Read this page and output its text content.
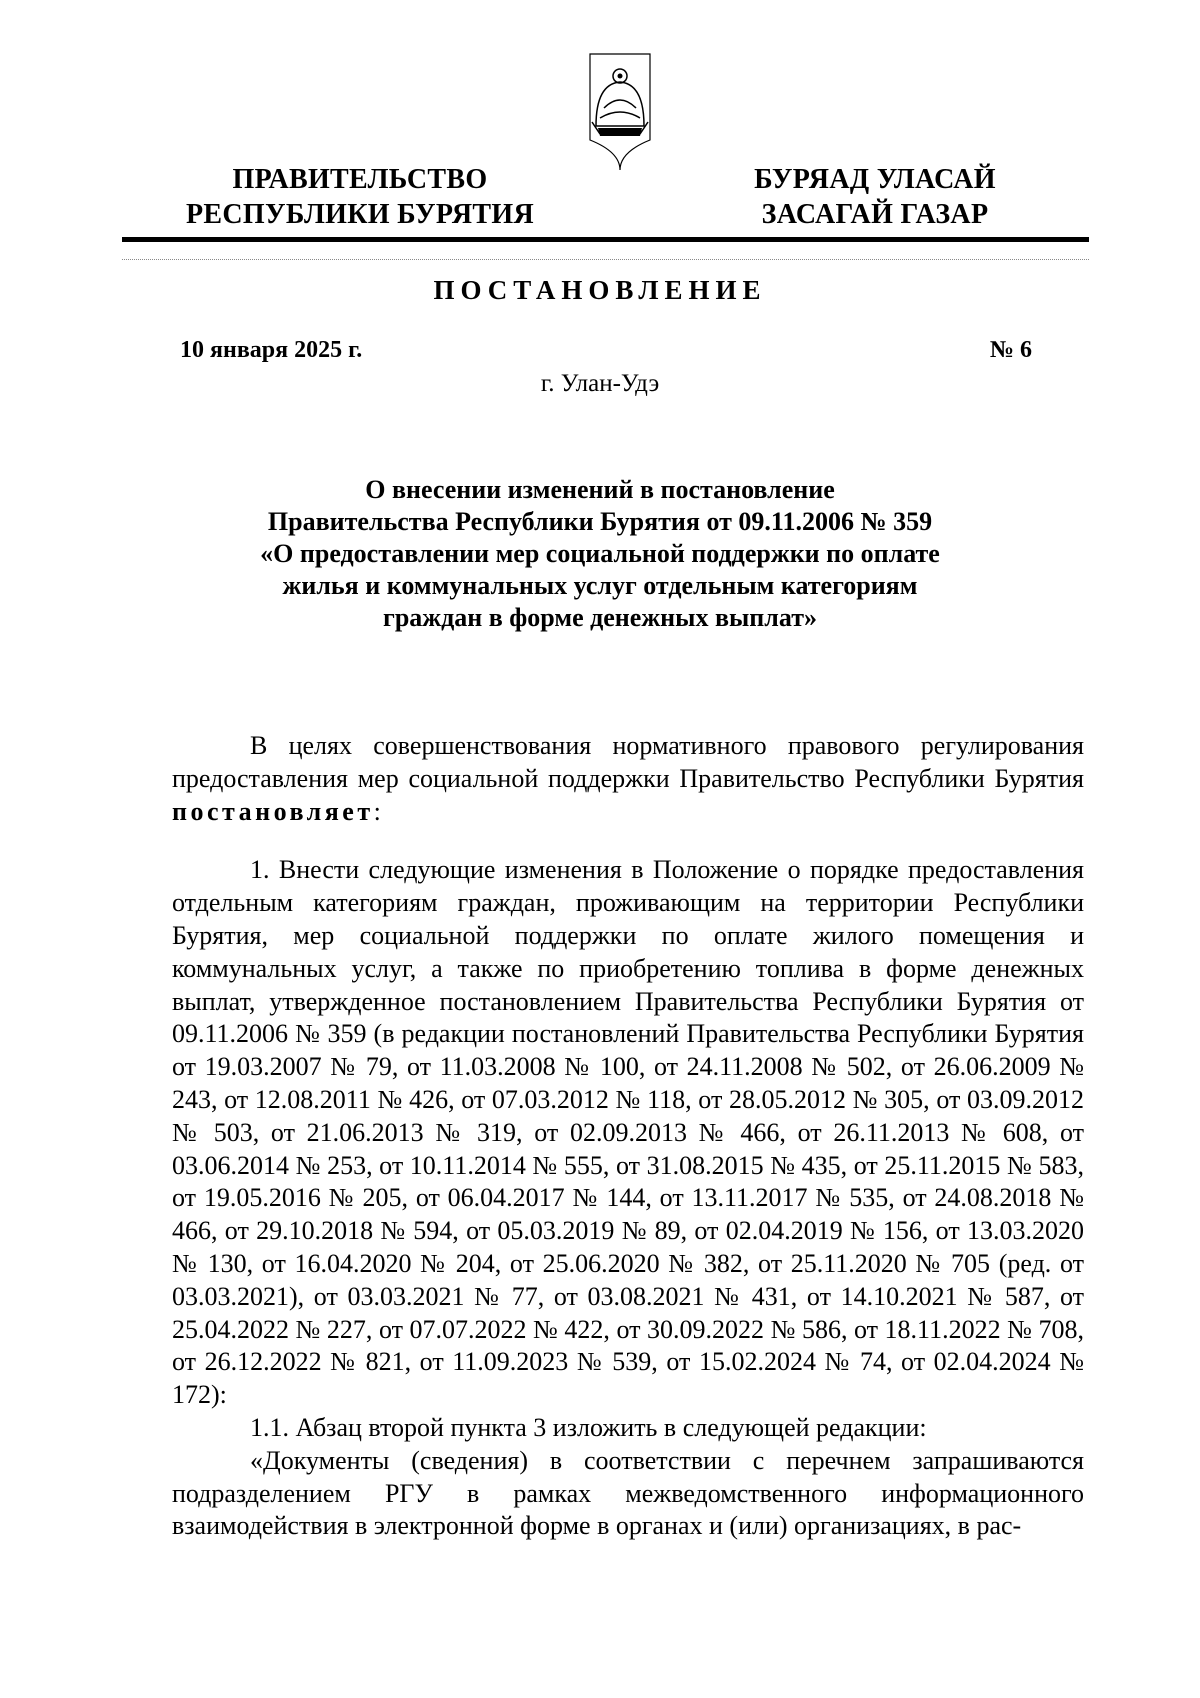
ПРАВИТЕЛЬСТВО
РЕСПУБЛИКИ БУРЯТИЯ
БУРЯАД УЛАСАЙ
ЗАСАГАЙ ГАЗАР
ПОСТАНОВЛЕНИЕ
10 января 2025 г.	№ 6
г. Улан-Удэ
О внесении изменений в постановление
Правительства Республики Бурятия от 09.11.2006 № 359
«О предоставлении мер социальной поддержки по оплате
жилья и коммунальных услуг отдельным категориям
граждан в форме денежных выплат»

В целях совершенствования нормативного правового регулирования предоставления мер социальной поддержки Правительство Республики Бурятия постановляет:

1. Внести следующие изменения в Положение о порядке предоставления отдельным категориям граждан, проживающим на территории Республики Бурятия, мер социальной поддержки по оплате жилого помещения и коммунальных услуг, а также по приобретению топлива в форме денежных выплат, утвержденное постановлением Правительства Республики Бурятия от 09.11.2006 № 359 (в редакции постановлений Правительства Республики Бурятия от 19.03.2007 № 79, от 11.03.2008 № 100, от 24.11.2008 № 502, от 26.06.2009 № 243, от 12.08.2011 № 426, от 07.03.2012 № 118, от 28.05.2012 № 305, от 03.09.2012 № 503, от 21.06.2013 № 319, от 02.09.2013 № 466, от 26.11.2013 № 608, от 03.06.2014 № 253, от 10.11.2014 № 555, от 31.08.2015 № 435, от 25.11.2015 № 583, от 19.05.2016 № 205, от 06.04.2017 № 144, от 13.11.2017 № 535, от 24.08.2018 № 466, от 29.10.2018 № 594, от 05.03.2019 № 89, от 02.04.2019 № 156, от 13.03.2020 № 130, от 16.04.2020 № 204, от 25.06.2020 № 382, от 25.11.2020 № 705 (ред. от 03.03.2021), от 03.03.2021 № 77, от 03.08.2021 № 431, от 14.10.2021 № 587, от 25.04.2022 № 227, от 07.07.2022 № 422, от 30.09.2022 № 586, от 18.11.2022 № 708, от 26.12.2022 № 821, от 11.09.2023 № 539, от 15.02.2024 № 74, от 02.04.2024 № 172):

1.1. Абзац второй пункта 3 изложить в следующей редакции:

«Документы (сведения) в соответствии с перечнем запрашиваются подразделением РГУ в рамках межведомственного информационного взаимодействия в электронной форме в органах и (или) организациях, в рас-
